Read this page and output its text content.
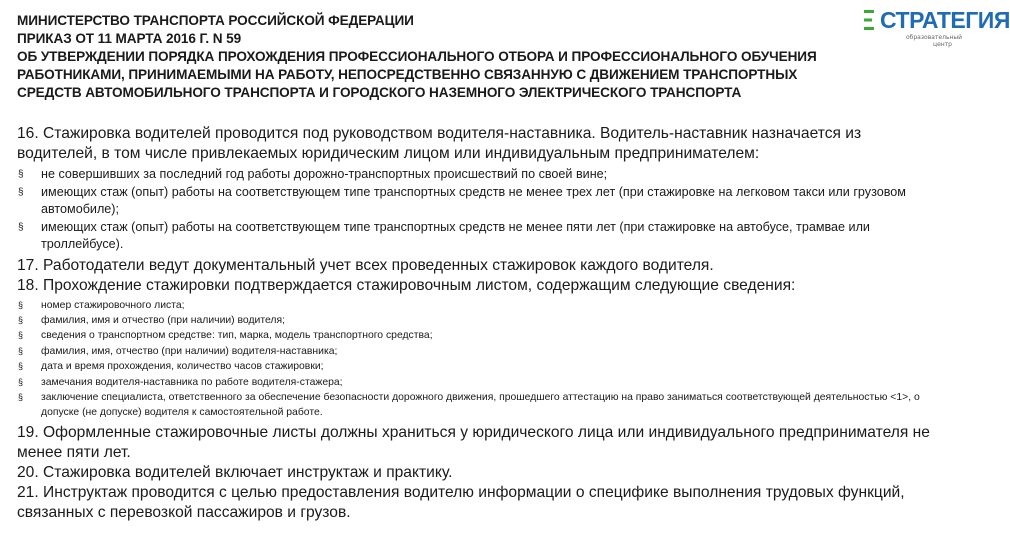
МИНИСТЕРСТВО ТРАНСПОРТА РОССИЙСКОЙ ФЕДЕРАЦИИ
ПРИКАЗ ОТ 11 МАРТА 2016 Г. N 59
ОБ УТВЕРЖДЕНИИ ПОРЯДКА ПРОХОЖДЕНИЯ ПРОФЕССИОНАЛЬНОГО ОТБОРА И ПРОФЕССИОНАЛЬНОГО ОБУЧЕНИЯ
РАБОТНИКАМИ, ПРИНИМАЕМЫМИ НА РАБОТУ, НЕПОСРЕДСТВЕННО СВЯЗАННУЮ С ДВИЖЕНИЕМ ТРАНСПОРТНЫХ
СРЕДСТВ АВТОМОБИЛЬНОГО ТРАНСПОРТА И ГОРОДСКОГО НАЗЕМНОГО ЭЛЕКТРИЧЕСКОГО ТРАНСПОРТА
СТРАТЕГИЯ
образовательный центр

16. Стажировка водителей проводится под руководством водителя-наставника. Водитель-наставник назначается из водителей, в том числе привлекаемых юридическим лицом или индивидуальным предпринимателем:

§ не совершивших за последний год работы дорожно-транспортных происшествий по своей вине;
§ имеющих стаж (опыт) работы на соответствующем типе транспортных средств не менее трех лет (при стажировке на легковом такси или грузовом автомобиле);
§ имеющих стаж (опыт) работы на соответствующем типе транспортных средств не менее пяти лет (при стажировке на автобусе, трамвае или троллейбусе).

17. Работодатели ведут документальный учет всех проведенных стажировок каждого водителя.

18. Прохождение стажировки подтверждается стажировочным листом, содержащим следующие сведения:

§ номер стажировочного листа;
§ фамилия, имя и отчество (при наличии) водителя;
§ сведения о транспортном средстве: тип, марка, модель транспортного средства;
§ фамилия, имя, отчество (при наличии) водителя-наставника;
§ дата и время прохождения, количество часов стажировки;
§ замечания водителя-наставника по работе водителя-стажера;
§ заключение специалиста, ответственного за обеспечение безопасности дорожного движения, прошедшего аттестацию на право заниматься соответствующей деятельностью <1>, о допуске (не допуске) водителя к самостоятельной работе.

19. Оформленные стажировочные листы должны храниться у юридического лица или индивидуального предпринимателя не менее пяти лет.

20. Стажировка водителей включает инструктаж и практику.

21. Инструктаж проводится с целью предоставления водителю информации о специфике выполнения трудовых функций, связанных с перевозкой пассажиров и грузов.
